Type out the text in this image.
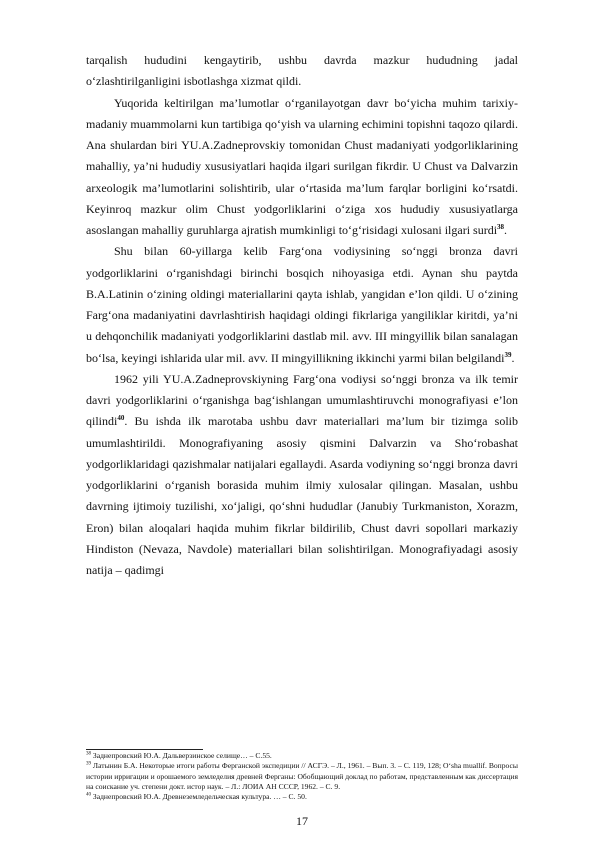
tarqalish hududini kengaytirib, ushbu davrda mazkur hududning jadal o‘zlashtirilganligini isbotlashga xizmat qildi.

Yuqorida keltirilgan ma’lumotlar o‘rganilayotgan davr bo‘yicha muhim tarixiy-madaniy muammolarni kun tartibiga qo‘yish va ularning echimini topishni taqozo qilardi. Ana shulardan biri YU.A.Zadneprovskiy tomonidan Chust madaniyati yodgorliklarining mahalliy, ya’ni hududiy xususiyatlari haqida ilgari surilgan fikrdir. U Chust va Dalvarzin arxeologik ma’lumotlarini solishtirib, ular o‘rtasida ma’lum farqlar borligini ko‘rsatdi. Keyinroq mazkur olim Chust yodgorliklarini o‘ziga xos hududiy xususiyatlarga asoslangan mahalliy guruhlarga ajratish mumkinligi to‘g‘risidagi xulosani ilgari surdi$^{38}$.

Shu bilan 60-yillarga kelib Farg‘ona vodiysining so‘nggi bronza davri yodgorliklarini o‘rganishdagi birinchi bosqich nihoyasiga etdi. Aynan shu paytda B.A.Latinin o‘zining oldingi materiallarini qayta ishlab, yangidan e’lon qildi. U o‘zining Farg‘ona madaniyatini davrlashtirish haqidagi oldingi fikrlariga yangiliklar kiritdi, ya’ni u dehqonchilik madaniyati yodgorliklarini dastlab mil. avv. III mingyillik bilan sanalagan bo‘lsa, keyingi ishlarida ular mil. avv. II mingyillikning ikkinchi yarmi bilan belgilandi$^{39}$.

1962 yili YU.A.Zadneprovskiyning Farg‘ona vodiysi so‘nggi bronza va ilk temir davri yodgorliklarini o‘rganishga bag‘ishlangan umumlashtiruvchi monografiyasi e’lon qilindi$^{40}$. Bu ishda ilk marotaba ushbu davr materiallari ma’lum bir tizimga solib umumlashtirildi. Monografiyaning asosiy qismini Dalvarzin va Sho‘robashat yodgorliklaridagi qazishmalar natijalari egallaydi. Asarda vodiyning so‘nggi bronza davri yodgorliklarini o‘rganish borasida muhim ilmiy xulosalar qilingan. Masalan, ushbu davrning ijtimoiy tuzilishi, xo‘jaligi, qo‘shni hududlar (Janubiy Turkmaniston, Xorazm, Eron) bilan aloqalari haqida muhim fikrlar bildirilib, Chust davri sopollari markaziy Hindiston (Nevaza, Navdole) materiallari bilan solishtirilgan. Monografiyadagi asosiy natija – qadimgi

$^{38}$ Заднепровский Ю.А. Дальверзинское селище… – С.55.

$^{39}$ Латынин Б.А. Некоторые итоги работы Ферганской экспедиции // АСГЭ. – Л., 1961. – Вып. 3. – С. 119, 128; O‘sha muallif. Вопросы истории ирригации и орошаемого земледелия древней Ферганы: Обобщающий доклад по работам, представленным как диссертация на соискание уч. степени докт. истор наук. – Л.: ЛОИА АН СССР, 1962. – С. 9.

$^{40}$ Заднепровский Ю.А. Древнеземледельческая культура. … – С. 50.

17
